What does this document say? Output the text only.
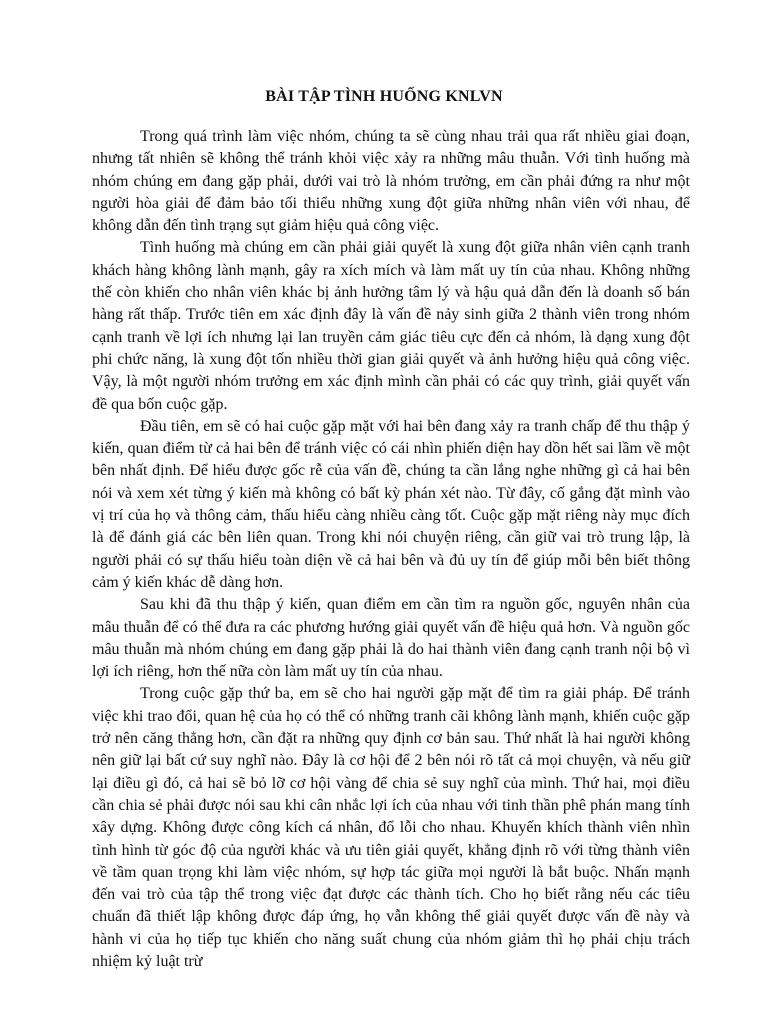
BÀI TẬP TÌNH HUỐNG KNLVN

Trong quá trình làm việc nhóm, chúng ta sẽ cùng nhau trải qua rất nhiều giai đoạn, nhưng tất nhiên sẽ không thể tránh khỏi việc xảy ra những mâu thuẫn. Với tình huống mà nhóm chúng em đang gặp phải, dưới vai trò là nhóm trưởng, em cần phải đứng ra như một người hòa giải để đảm bảo tối thiểu những xung đột giữa những nhân viên với nhau, để không dẫn đến tình trạng sụt giảm hiệu quả công việc.

Tình huống mà chúng em cần phải giải quyết là xung đột giữa nhân viên cạnh tranh khách hàng không lành mạnh, gây ra xích mích và làm mất uy tín của nhau. Không những thế còn khiến cho nhân viên khác bị ảnh hưởng tâm lý và hậu quả dẫn đến là doanh số bán hàng rất thấp. Trước tiên em xác định đây là vấn đề nảy sinh giữa 2 thành viên trong nhóm cạnh tranh về lợi ích nhưng lại lan truyền cảm giác tiêu cực đến cả nhóm, là dạng xung đột phi chức năng, là xung đột tốn nhiều thời gian giải quyết và ảnh hưởng hiệu quả công việc. Vậy, là một người nhóm trưởng em xác định mình cần phải có các quy trình, giải quyết vấn đề qua bốn cuộc gặp.

Đầu tiên, em sẽ có hai cuộc gặp mặt với hai bên đang xảy ra tranh chấp để thu thập ý kiến, quan điểm từ cả hai bên để tránh việc có cái nhìn phiến diện hay dồn hết sai lầm về một bên nhất định. Để hiểu được gốc rễ của vấn đề, chúng ta cần lắng nghe những gì cả hai bên nói và xem xét từng ý kiến mà không có bất kỳ phán xét nào. Từ đây, cố gắng đặt mình vào vị trí của họ và thông cảm, thấu hiểu càng nhiều càng tốt. Cuộc gặp mặt riêng này mục đích là để đánh giá các bên liên quan. Trong khi nói chuyện riêng, cần giữ vai trò trung lập, là người phải có sự thấu hiểu toàn diện về cả hai bên và đủ uy tín để giúp mỗi bên biết thông cảm ý kiến khác dễ dàng hơn.

Sau khi đã thu thập ý kiến, quan điểm em cần tìm ra nguồn gốc, nguyên nhân của mâu thuẫn để có thể đưa ra các phương hướng giải quyết vấn đề hiệu quả hơn. Và nguồn gốc mâu thuẫn mà nhóm chúng em đang gặp phải là do hai thành viên đang cạnh tranh nội bộ vì lợi ích riêng, hơn thế nữa còn làm mất uy tín của nhau.

Trong cuộc gặp thứ ba, em sẽ cho hai người gặp mặt để tìm ra giải pháp. Để tránh việc khi trao đổi, quan hệ của họ có thể có những tranh cãi không lành mạnh, khiến cuộc gặp trở nên căng thẳng hơn, cần đặt ra những quy định cơ bản sau. Thứ nhất là hai người không nên giữ lại bất cứ suy nghĩ nào. Đây là cơ hội để 2 bên nói rõ tất cả mọi chuyện, và nếu giữ lại điều gì đó, cả hai sẽ bỏ lỡ cơ hội vàng để chia sẻ suy nghĩ của mình. Thứ hai, mọi điều cần chia sẻ phải được nói sau khi cân nhắc lợi ích của nhau với tinh thần phê phán mang tính xây dựng. Không được công kích cá nhân, đổ lỗi cho nhau. Khuyến khích thành viên nhìn tình hình từ góc độ của người khác và ưu tiên giải quyết, khẳng định rõ với từng thành viên về tầm quan trọng khi làm việc nhóm, sự hợp tác giữa mọi người là bắt buộc. Nhấn mạnh đến vai trò của tập thể trong việc đạt được các thành tích. Cho họ biết rằng nếu các tiêu chuẩn đã thiết lập không được đáp ứng, họ vẫn không thể giải quyết được vấn đề này và hành vi của họ tiếp tục khiến cho năng suất chung của nhóm giảm thì họ phải chịu trách nhiệm kỷ luật trừ
